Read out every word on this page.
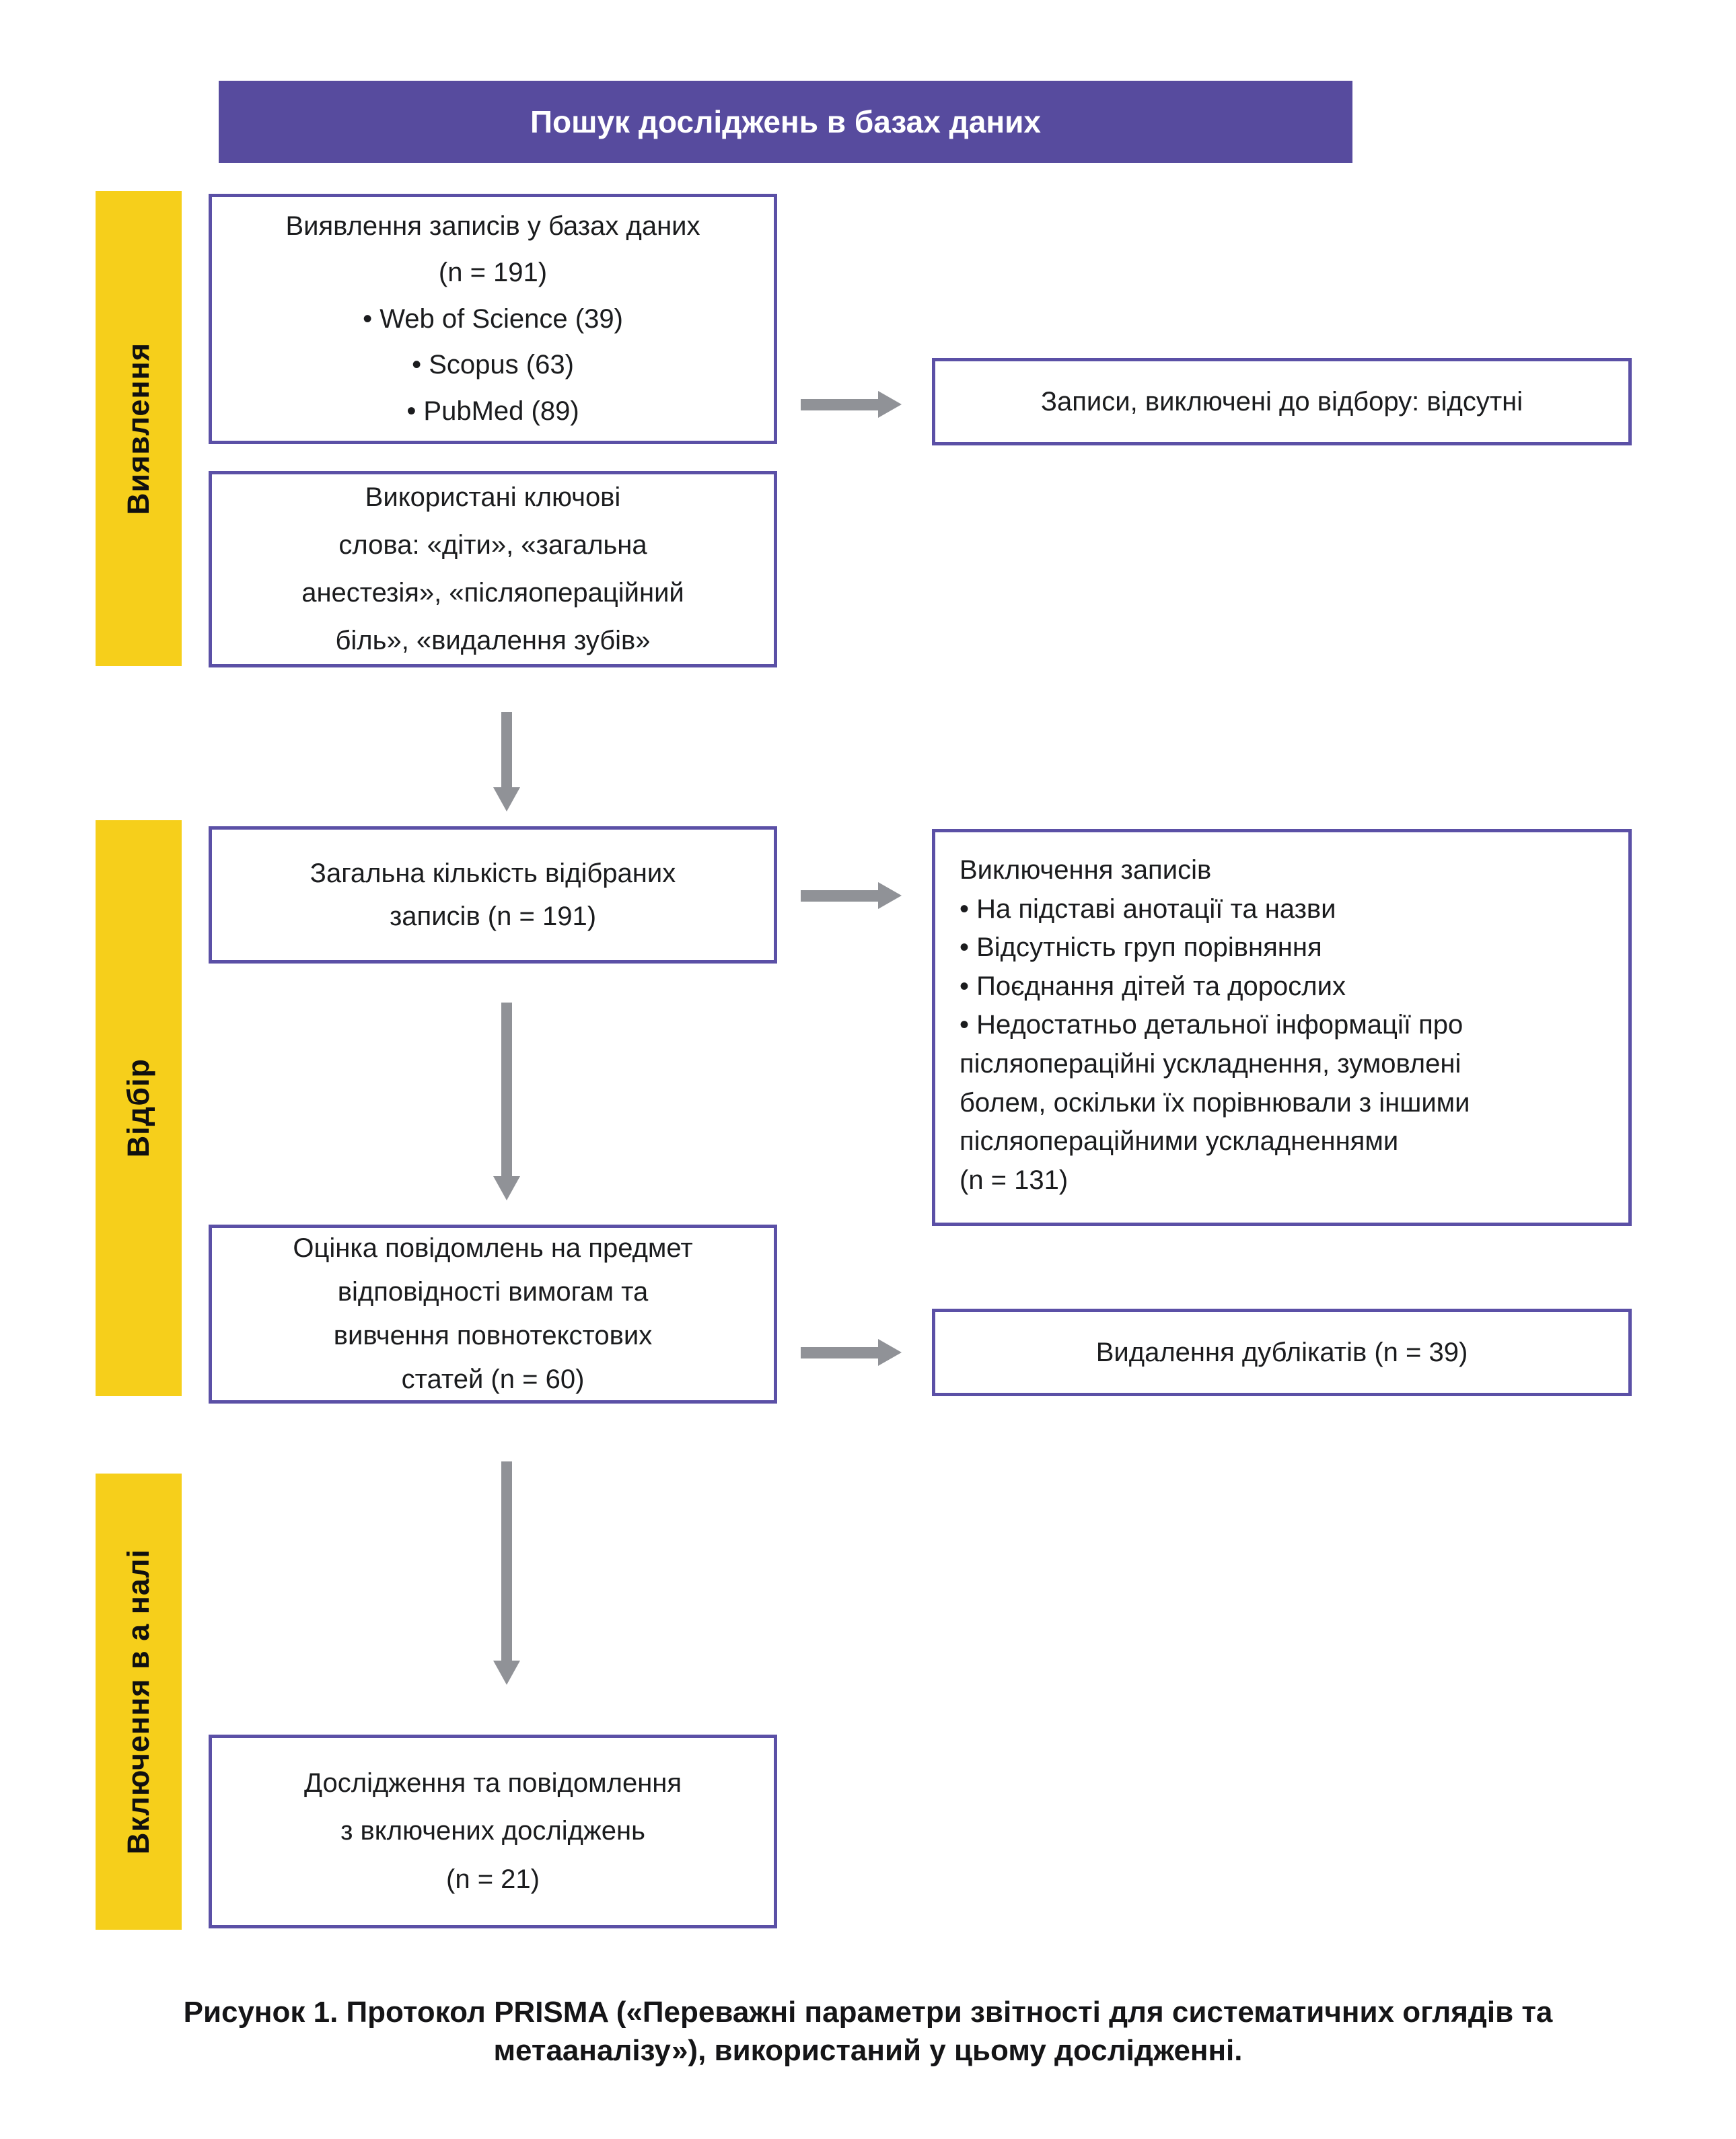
Пошук досліджень в базах даних
Виявлення
Відбір
Включення в а налі
Виявлення записів у базах даних
(n = 191)
• Web of Science (39)
• Scopus (63)
• PubMed (89)
Використані ключові
слова: «діти», «загальна
анестезія», «післяопераційний
біль», «видалення зубів»
Записи, виключені до відбору: відсутні
Загальна кількість відібраних
записів (n = 191)
Виключення записів
• На підставі анотації та назви
• Відсутність груп порівняння
• Поєднання дітей та дорослих
• Недостатньо детальної інформації про післяопераційні ускладнення, зумовлені болем, оскільки їх порівнювали з іншими післяопераційними ускладненнями
(n = 131)
Оцінка повідомлень на предмет
відповідності вимогам та
вивчення повнотекстових
статей (n = 60)
Видалення дублікатів (n = 39)
Дослідження та повідомлення
з включених досліджень
(n = 21)
Рисунок 1. Протокол PRISMA («Переважні параметри звітності для систематичних оглядів та
метааналізу»), використаний у цьому дослідженні.
